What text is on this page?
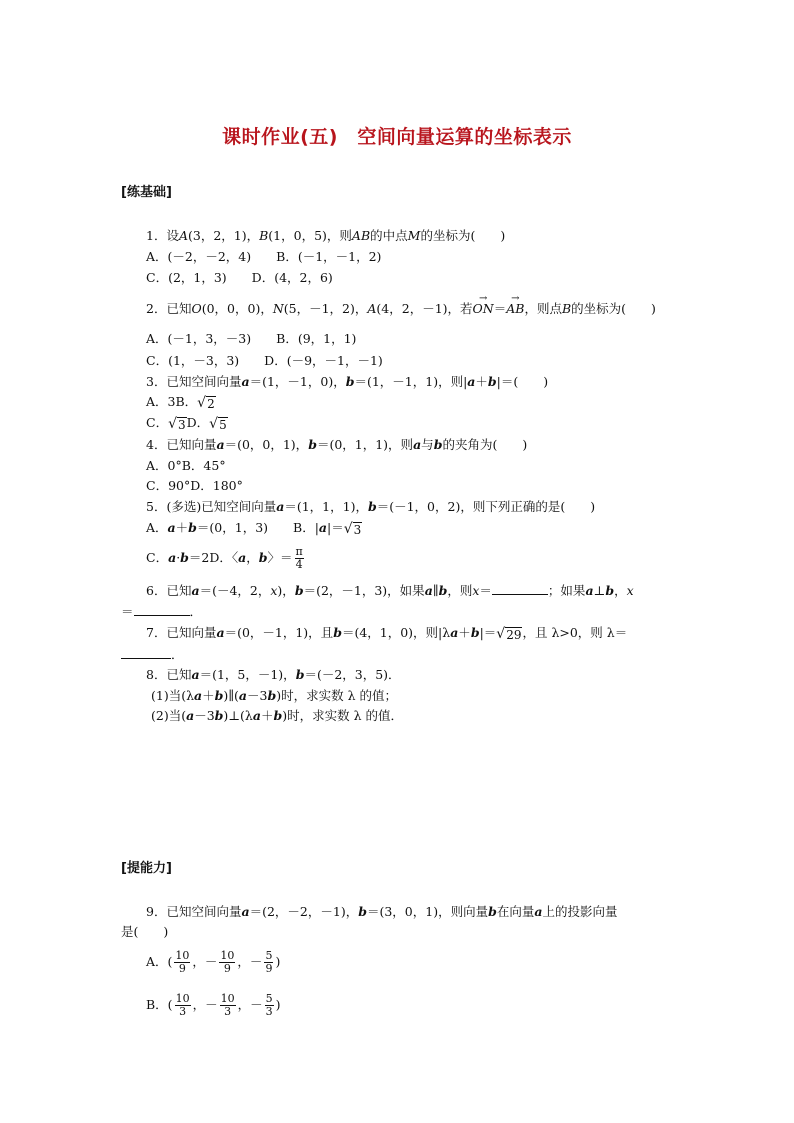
课时作业(五)　空间向量运算的坐标表示
[练基础]
1．设A(3，2，1)，B(1，0，5)，则AB的中点M的坐标为(　　)
A．(－2，－2，4)　　B．(－1，－1，2)
C．(2，1，3)　　D．(4，2，6)
2．已知O(0，0，0)，N(5，－1，2)，A(4，2，－1)，若→ ON＝→ AB，则点B的坐标为(　　)
A．(－1，3，－3)　　B．(9，1，1)
C．(1，－3，3)　　D．(－9，－1，－1)
3．已知空间向量a＝(1，－1，0)，b＝(1，－1，1)，则|a＋b|＝(　　)
A．3B． √ 2
C． √ 3 D． √ 5
4．已知向量a＝(0，0，1)，b＝(0，1，1)，则a与b的夹角为(　　)
A．0°B．45°
C．90°D．180°
5．(多选)已知空间向量a＝(1，1，1)，b＝(－1，0，2)，则下列正确的是(　　)
A．a＋b＝(0，1，3)　　B．|a|＝ √ 3
C．a·b＝2D．〈a，b〉＝ $\frac{\pi}{4}$
6．已知a＝(－4，2，x)，b＝(2，－1，3)，如果a∥b，则x＝	；如果a⊥b，x
＝	．
7．已知向量a＝(0，－1，1)，且b＝(4，1，0)，则|λa＋b|＝ √ 29 ，且 λ>0，则 λ＝
．
8．已知a＝(1，5，－1)，b＝(－2，3，5)．
(1)当(λa＋b)∥(a－3b)时，求实数 λ 的值；
(2)当(a－3b)⊥(λa＋b)时，求实数 λ 的值．
[提能力]
9．已知空间向量a＝(2，－2，－1)，b＝(3，0，1)，则向量b在向量a上的投影向量
是(　　)
A．( $\frac{10}{9}$ ，－ $\frac{10}{9}$ ，－ $\frac{5}{9}$ )
B．( $\frac{10}{3}$ ，－ $\frac{10}{3}$ ，－ $\frac{5}{3}$ )
